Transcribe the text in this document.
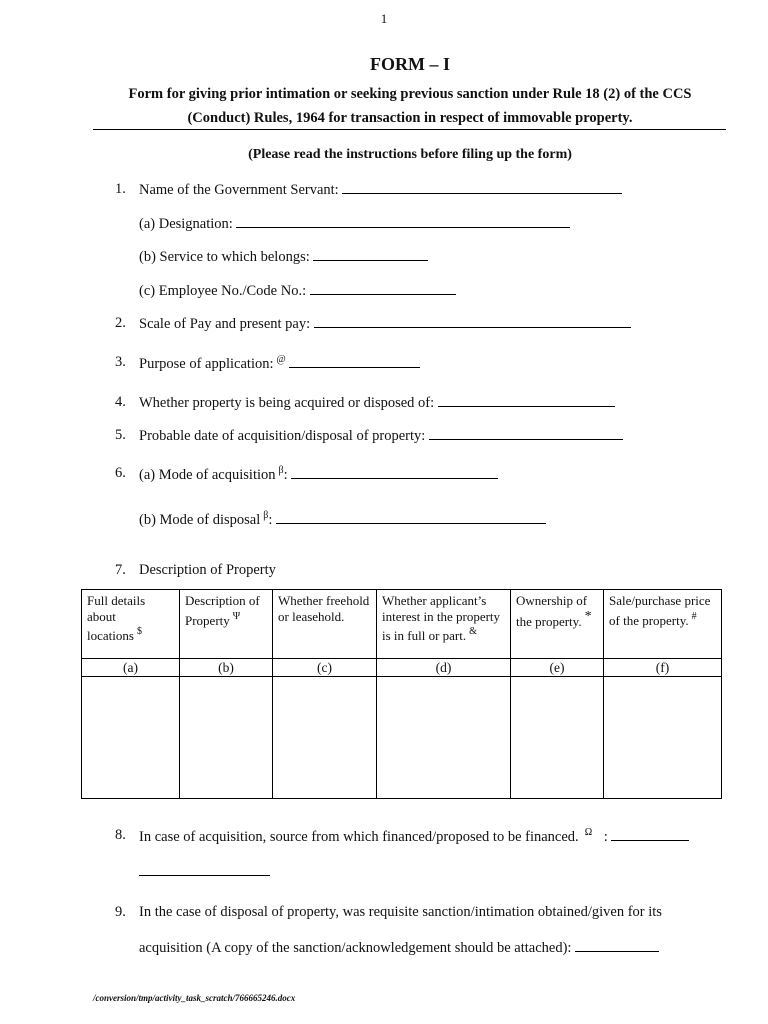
1
FORM – I
Form for giving prior intimation or seeking previous sanction under Rule 18 (2) of the CCS
(Conduct) Rules, 1964 for transaction in respect of immovable property.
(Please read the instructions before filing up the form)
1. Name of the Government Servant:
(a) Designation:
(b) Service to which belongs:
(c) Employee No./Code No.:
2. Scale of Pay and present pay:
3. Purpose of application: @
4. Whether property is being acquired or disposed of:
5. Probable date of acquisition/disposal of property:
6. (a) Mode of acquisition $^\beta$:
(b) Mode of disposal $^\beta$:
7. Description of Property
Full details about locations $	Description of Property $^\Psi$	Whether freehold or leasehold.	Whether applicant’s interest in the property is in full or part. &	Ownership of the property. *	Sale/purchase price of the property. #
(a)	(b)	(c)	(d)	(e)	(f)

8. In case of acquisition, source from which financed/proposed to be financed. $^\Omega$ :
9. In the case of disposal of property, was requisite sanction/intimation obtained/given for its
acquisition (A copy of the sanction/acknowledgement should be attached):
/conversion/tmp/activity_task_scratch/766665246.docx
